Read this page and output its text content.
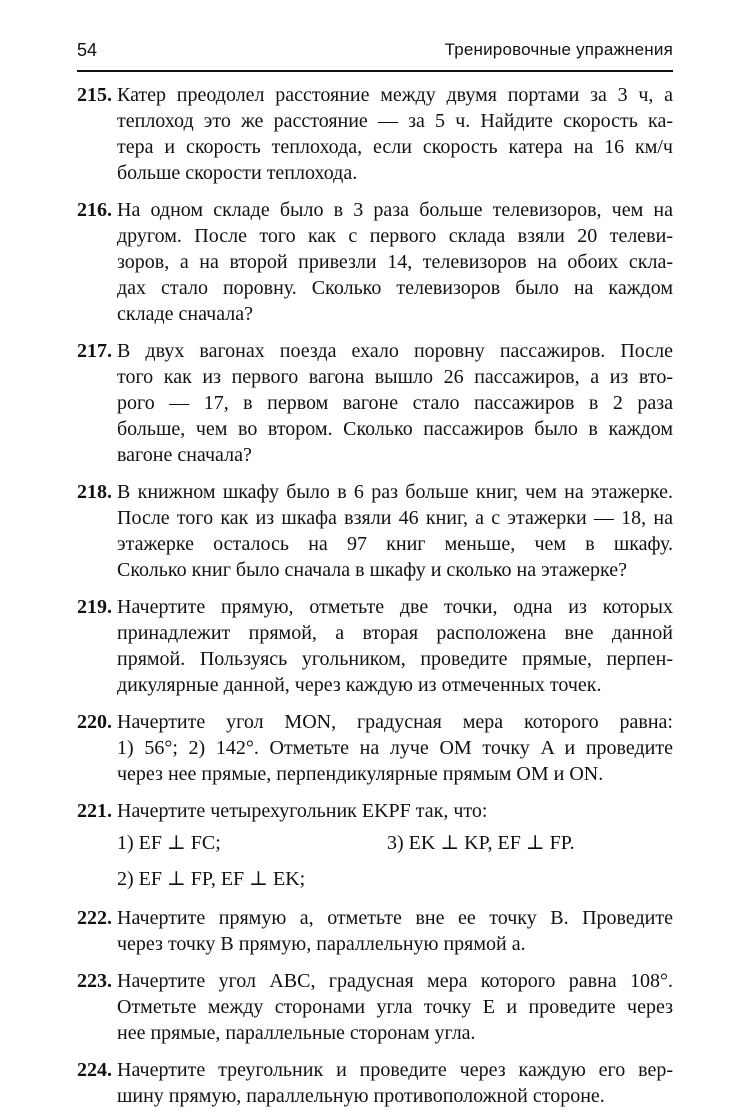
54	Тренировочные упражнения
215. Катер преодолел расстояние между двумя портами за 3 ч, а
теплоход это же расстояние — за 5 ч. Найдите скорость ка-
тера и скорость теплохода, если скорость катера на 16 км/ч
больше скорости теплохода.
216. На одном складе было в 3 раза больше телевизоров, чем на
другом. После того как с первого склада взяли 20 телеви-
зоров, а на второй привезли 14, телевизоров на обоих скла-
дах стало поровну. Сколько телевизоров было на каждом
складе сначала?
217. В двух вагонах поезда ехало поровну пассажиров. После
того как из первого вагона вышло 26 пассажиров, а из вто-
рого — 17, в первом вагоне стало пассажиров в 2 раза
больше, чем во втором. Сколько пассажиров было в каждом
вагоне сначала?
218. В книжном шкафу было в 6 раз больше книг, чем на этажерке.
После того как из шкафа взяли 46 книг, а с этажерки — 18, на
этажерке осталось на 97 книг меньше, чем в шкафу.
Сколько книг было сначала в шкафу и сколько на этажерке?
219. Начертите прямую, отметьте две точки, одна из которых
принадлежит прямой, а вторая расположена вне данной
прямой. Пользуясь угольником, проведите прямые, перпен-
дикулярные данной, через каждую из отмеченных точек.
220. Начертите угол MON, градусная мера которого равна:
1) 56°; 2) 142°. Отметьте на луче OM точку A и проведите
через нее прямые, перпендикулярные прямым OM и ON.
221. Начертите четырехугольник EKPF так, что:
1) EF ⊥ FC;	3) EK ⊥ KP, EF ⊥ FP.
2) EF ⊥ FP, EF ⊥ EK;
222. Начертите прямую a, отметьте вне ее точку B. Проведите
через точку B прямую, параллельную прямой a.
223. Начертите угол ABC, градусная мера которого равна 108°.
Отметьте между сторонами угла точку E и проведите через
нее прямые, параллельные сторонам угла.
224. Начертите треугольник и проведите через каждую его вер-
шину прямую, параллельную противоположной стороне.
